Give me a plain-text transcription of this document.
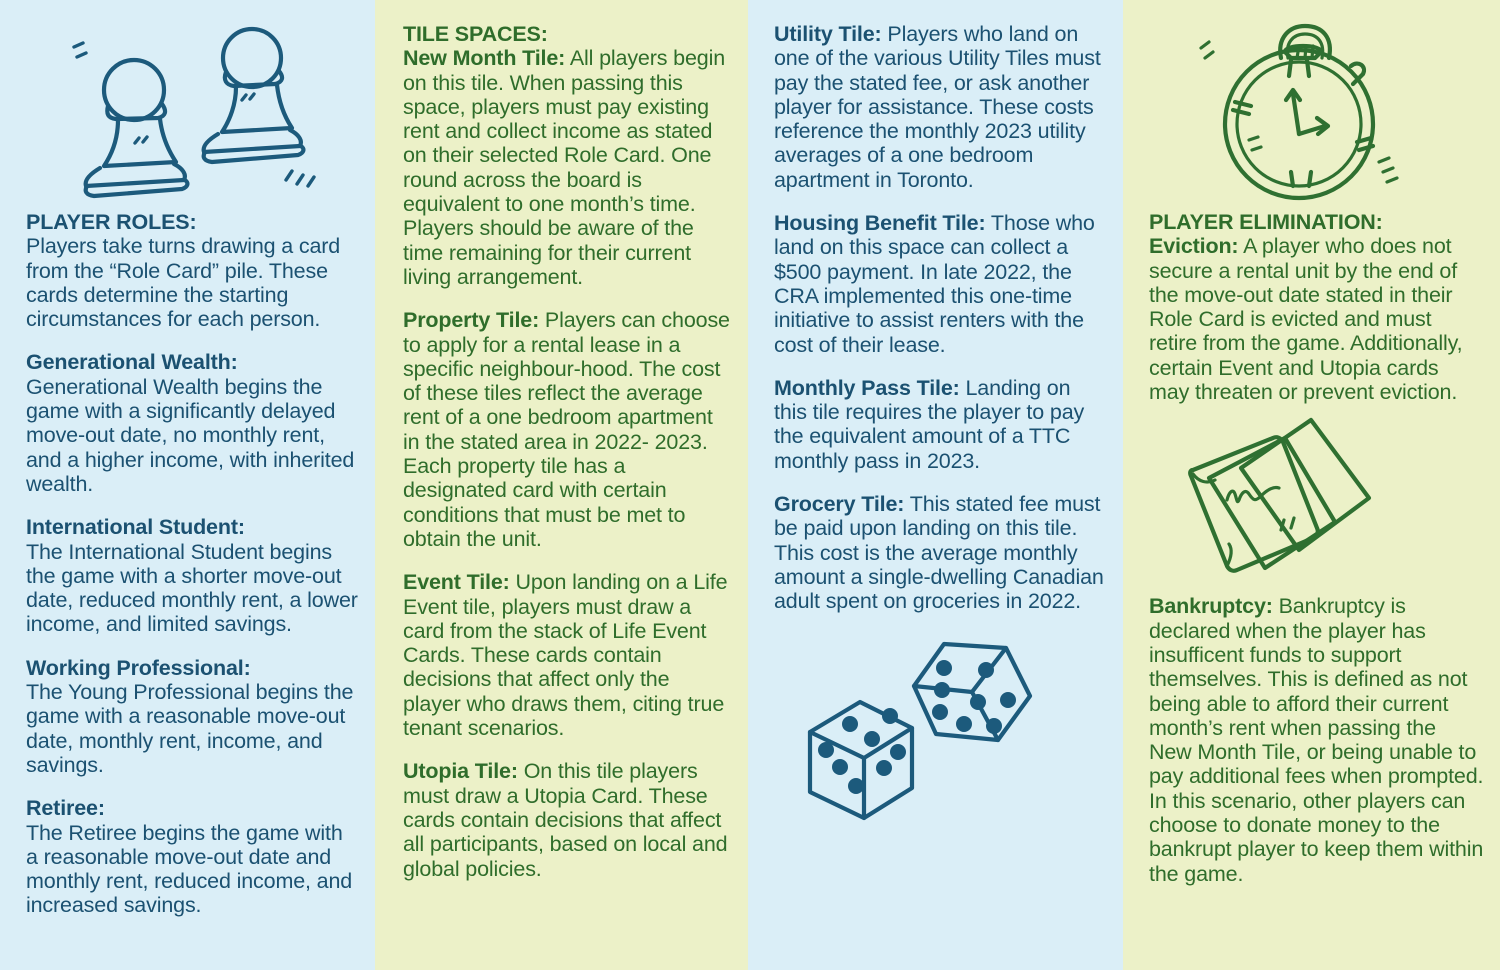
PLAYER ROLES:
Players take turns drawing a card from the “Role Card” pile. These cards determine the starting circumstances for each person.
Generational Wealth:
Generational Wealth begins the game with a significantly delayed move-out date, no monthly rent, and a higher income, with inherited wealth.
International Student:
The International Student begins the game with a shorter move-out date, reduced monthly rent, a lower income, and limited savings.
Working Professional:
The Young Professional begins the game with a reasonable move-out date, monthly rent, income, and savings.
Retiree:
The Retiree begins the game with a reasonable move-out date and monthly rent, reduced income, and increased savings.
TILE SPACES:
New Month Tile: All players begin on this tile. When passing this space, players must pay existing rent and collect income as stated on their selected Role Card. One round across the board is equivalent to one month’s time. Players should be aware of the time remaining for their current living arrangement.
Property Tile: Players can choose to apply for a rental lease in a specific neighbour-hood. The cost of these tiles reflect the average rent of a one bedroom apartment in the stated area in 2022- 2023. Each property tile has a designated card with certain conditions that must be met to obtain the unit.
Event Tile: Upon landing on a Life Event tile, players must draw a card from the stack of Life Event Cards. These cards contain decisions that affect only the player who draws them, citing true tenant scenarios.
Utopia Tile: On this tile players must draw a Utopia Card. These cards contain decisions that affect all participants, based on local and global policies.
Utility Tile: Players who land on one of the various Utility Tiles must pay the stated fee, or ask another player for assistance. These costs reference the monthly 2023 utility averages of a one bedroom apartment in Toronto.
Housing Benefit Tile: Those who land on this space can collect a $500 payment. In late 2022, the CRA implemented this one-time initiative to assist renters with the cost of their lease.
Monthly Pass Tile: Landing on this tile requires the player to pay the equivalent amount of a TTC monthly pass in 2023.
Grocery Tile: This stated fee must be paid upon landing on this tile. This cost is the average monthly amount a single-dwelling Canadian adult spent on groceries in 2022.
PLAYER ELIMINATION:
Eviction: A player who does not secure a rental unit by the end of the move-out date stated in their Role Card is evicted and must retire from the game. Additionally, certain Event and Utopia cards may threaten or prevent eviction.
Bankruptcy: Bankruptcy is declared when the player has insufficent funds to support themselves. This is defined as not being able to afford their current month’s rent when passing the New Month Tile, or being unable to pay additional fees when prompted. In this scenario, other players can choose to donate money to the bankrupt player to keep them within the game.
